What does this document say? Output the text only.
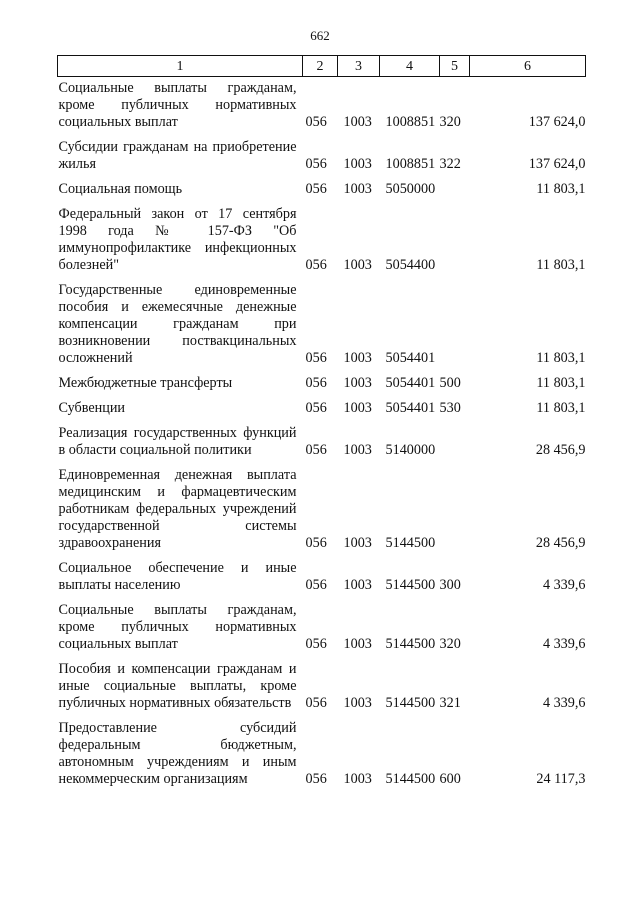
662
1	2	3	4	5	6
Социальные выплаты гражданам, кроме публичных нормативных социальных выплат	056	1003	1008851	320	137 624,0
Субсидии гражданам на приобретение жилья	056	1003	1008851	322	137 624,0
Социальная помощь	056	1003	5050000		11 803,1
Федеральный закон от 17 сентября 1998 года № 157-ФЗ "Об иммунопрофилактике инфекционных болезней"	056	1003	5054400		11 803,1
Государственные единовременные пособия и ежемесячные денежные компенсации гражданам при возникновении поствакцинальных осложнений	056	1003	5054401		11 803,1
Межбюджетные трансферты	056	1003	5054401	500	11 803,1
Субвенции	056	1003	5054401	530	11 803,1
Реализация государственных функций в области социальной политики	056	1003	5140000		28 456,9
Единовременная денежная выплата медицинским и фармацевтическим работникам федеральных учреждений государственной системы здравоохранения	056	1003	5144500		28 456,9
Социальное обеспечение и иные выплаты населению	056	1003	5144500	300	4 339,6
Социальные выплаты гражданам, кроме публичных нормативных социальных выплат	056	1003	5144500	320	4 339,6
Пособия и компенсации гражданам и иные социальные выплаты, кроме публичных нормативных обязательств	056	1003	5144500	321	4 339,6
Предоставление субсидий федеральным бюджетным, автономным учреждениям и иным некоммерческим организациям	056	1003	5144500	600	24 117,3
